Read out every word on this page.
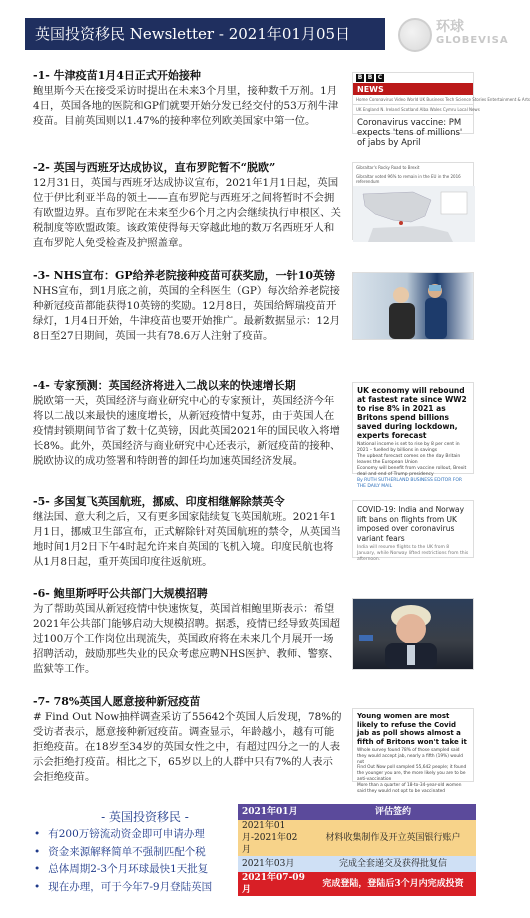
英国投资移民 Newsletter - 2021年01月05日	环球
GLOBEVISA
-1- 牛津疫苗1月4日正式开始接种
鲍里斯今天在接受采访时提出在未来3个月里，接种数千万剂。1月4日，英国各地的医院和GP们就要开始分发已经交付的53万剂牛津疫苗。目前英国则以1.47%的接种率位列欧美国家中第一位。
B B C
NEWS
Home Coronavirus Video World UK Business Tech Science Stories Entertainment & Arts
UK England N. Ireland Scotland Alba Wales Cymru Local News
Coronavirus vaccine: PM expects 'tens of millions' of jabs by April
-2- 英国与西班牙达成协议，直布罗陀暂不“脱欧”
12月31日，英国与西班牙达成协议宣布，2021年1月1日起，英国位于伊比利亚半岛的领土——直布罗陀与西班牙之间将暂时不会拥有欧盟边界。直布罗陀在未来至少6个月之内会继续执行申根区、关税制度等欧盟政策。该政策使得每天穿越此地的数万名西班牙人和直布罗陀人免受检查及护照盖章。
Gibraltar's Rocky Road to Brexit
Gibraltar voted 96% to remain in the EU in the 2016 referendum
-3- NHS宣布：GP给养老院接种疫苗可获奖励，一针10英镑
NHS宣布，到1月底之前，英国的全科医生（GP）每次给养老院接种新冠疫苗都能获得10英镑的奖励。12月8日，英国给辉瑞疫苗开绿灯，1月4日开始，牛津疫苗也要开始推广。最新数据显示：12月8日至27日期间，英国一共有78.6万人注射了疫苗。
-4- 专家预测：英国经济将进入二战以来的快速增长期
脱欧第一天，英国经济与商业研究中心的专家预计，英国经济今年将以二战以来最快的速度增长，从新冠疫情中复苏，由于英国人在疫情封锁期间节省了数十亿英镑，因此英国2021年的国民收入将增长8%。此外，英国经济与商业研究中心还表示，新冠疫苗的接种、脱欧协议的成功签署和特朗普的卸任均加速英国经济发展。
UK economy will rebound at fastest rate since WW2 to rise 8% in 2021 as Britons spend billions saved during lockdown, experts forecast
National income is set to rise by 8 per cent in 2021 – fuelled by billions in savings
The upbeat forecast comes on the day Britain leaves the European Union
Economy will benefit from vaccine rollout, Brexit deal and end of Trump presidency
By RUTH SUTHERLAND BUSINESS EDITOR FOR THE DAILY MAIL
-5- 多国复飞英国航班，挪威、印度相继解除禁英令
继法国、意大利之后，又有更多国家陆续复飞英国航班。2021年1月1日，挪威卫生部宣布，正式解除针对英国航班的禁令，从英国当地时间1月2日下午4时起允许来自英国的飞机入境。印度民航也将从1月8日起，重开英国印度往返航班。
COVID-19: India and Norway lift bans on flights from UK imposed over coronavirus variant fears
India will resume flights to the UK from 8 January, while Norway lifted restrictions from this afternoon.
-6- 鲍里斯呼吁公共部门大规模招聘
为了帮助英国从新冠疫情中快速恢复，英国首相鲍里斯表示：希望2021年公共部门能够启动大规模招聘。据悉，疫情已经导致英国超过100万个工作岗位出现流失，英国政府将在未来几个月展开一场招聘活动，鼓励那些失业的民众考虑应聘NHS医护、教师、警察、监狱等工作。
-7- 78%英国人愿意接种新冠疫苗
# Find Out Now抽样调查采访了55642个英国人后发现，78%的受访者表示，愿意接种新冠疫苗。调查显示，年龄越小，越有可能拒绝疫苗。在18岁至34岁的英国女性之中，有超过四分之一的人表示会拒绝打疫苗。相比之下，65岁以上的人群中只有7%的人表示会拒绝疫苗。
Young women are most likely to refuse the Covid jab as poll shows almost a fifth of Britons won't take it
Whole survey found 78% of those sampled said they would accept jab, nearly a fifth (19%) would not
Find Out Now poll sampled 55,642 people; it found the younger you are, the more likely you are to be anti-vaccination
More than a quarter of 18-to-34-year-old women said they would not opt to be vaccinated
- 英国投资移民 -
• 有200万镑流动资金即可申请办理
• 资金来源解释简单不强制匹配个税
• 总体周期2-3个月环球最快1天批复
• 现在办理，可于今年7-9月登陆英国
2021年01月	评估签约
2021年01月-2021年02月	材料收集制作及开立英国银行账户
2021年03月	完成全套递交及获得批复信
2021年07-09月	完成登陆，登陆后3个月内完成投资
